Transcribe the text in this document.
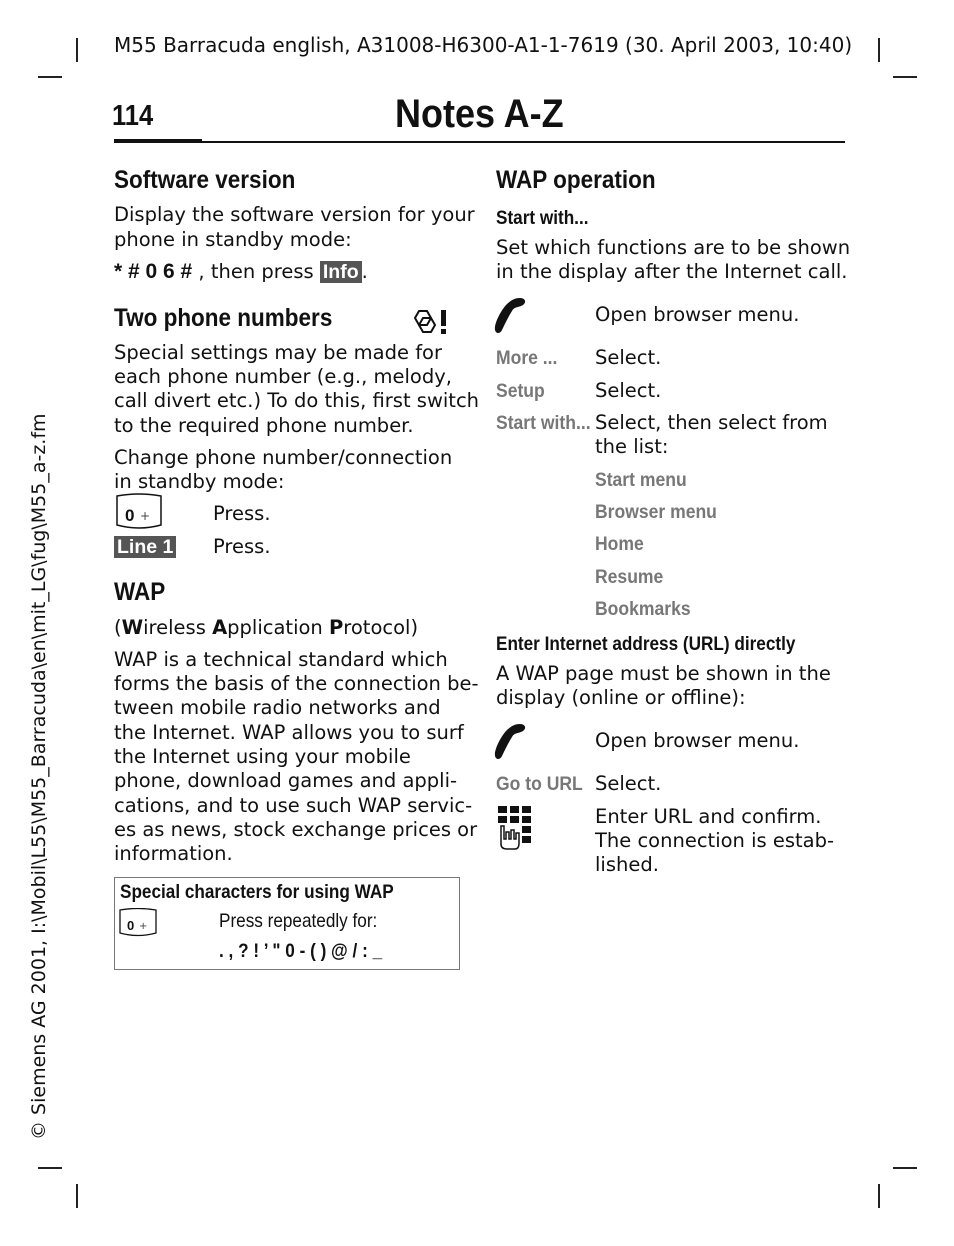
M55 Barracuda english, A31008-H6300-A1-1-7619 (30. April 2003, 10:40)
114	Notes A-Z
© Siemens AG 2001, I:\Mobil\L55\M55_Barracuda\en\mit_LG\fug\M55_a-z.fm
Software version
Display the software version for your
phone in standby mode:
* # 0 6 # , then press Info .
Two phone numbers
Special settings may be made for
each phone number (e.g., melody,
call divert etc.) To do this, first switch
to the required phone number.
Change phone number/connection
in standby mode:
0 +	Press.
Line 1 Press.
WAP
(Wireless Application Protocol)
WAP is a technical standard which
forms the basis of the connection be-
tween mobile radio networks and
the Internet. WAP allows you to surf
the Internet using your mobile
phone, download games and appli-
cations, and to use such WAP servic-
es as news, stock exchange prices or
information.
Special characters for using WAP
0 +	Press repeatedly for:
. , ? ! ’ " 0 - ( ) @ / : _
WAP operation
Start with...
Set which functions are to be shown
in the display after the Internet call.
Open browser menu.
More ... Select.
Setup	Select.
Start with... Select, then select from
the list:
Start menu
Browser menu
Home
Resume
Bookmarks
Enter Internet address (URL) directly
A WAP page must be shown in the
display (online or offline):
Open browser menu.
Go to URL Select.
Enter URL and confirm.
The connection is estab-
lished.
